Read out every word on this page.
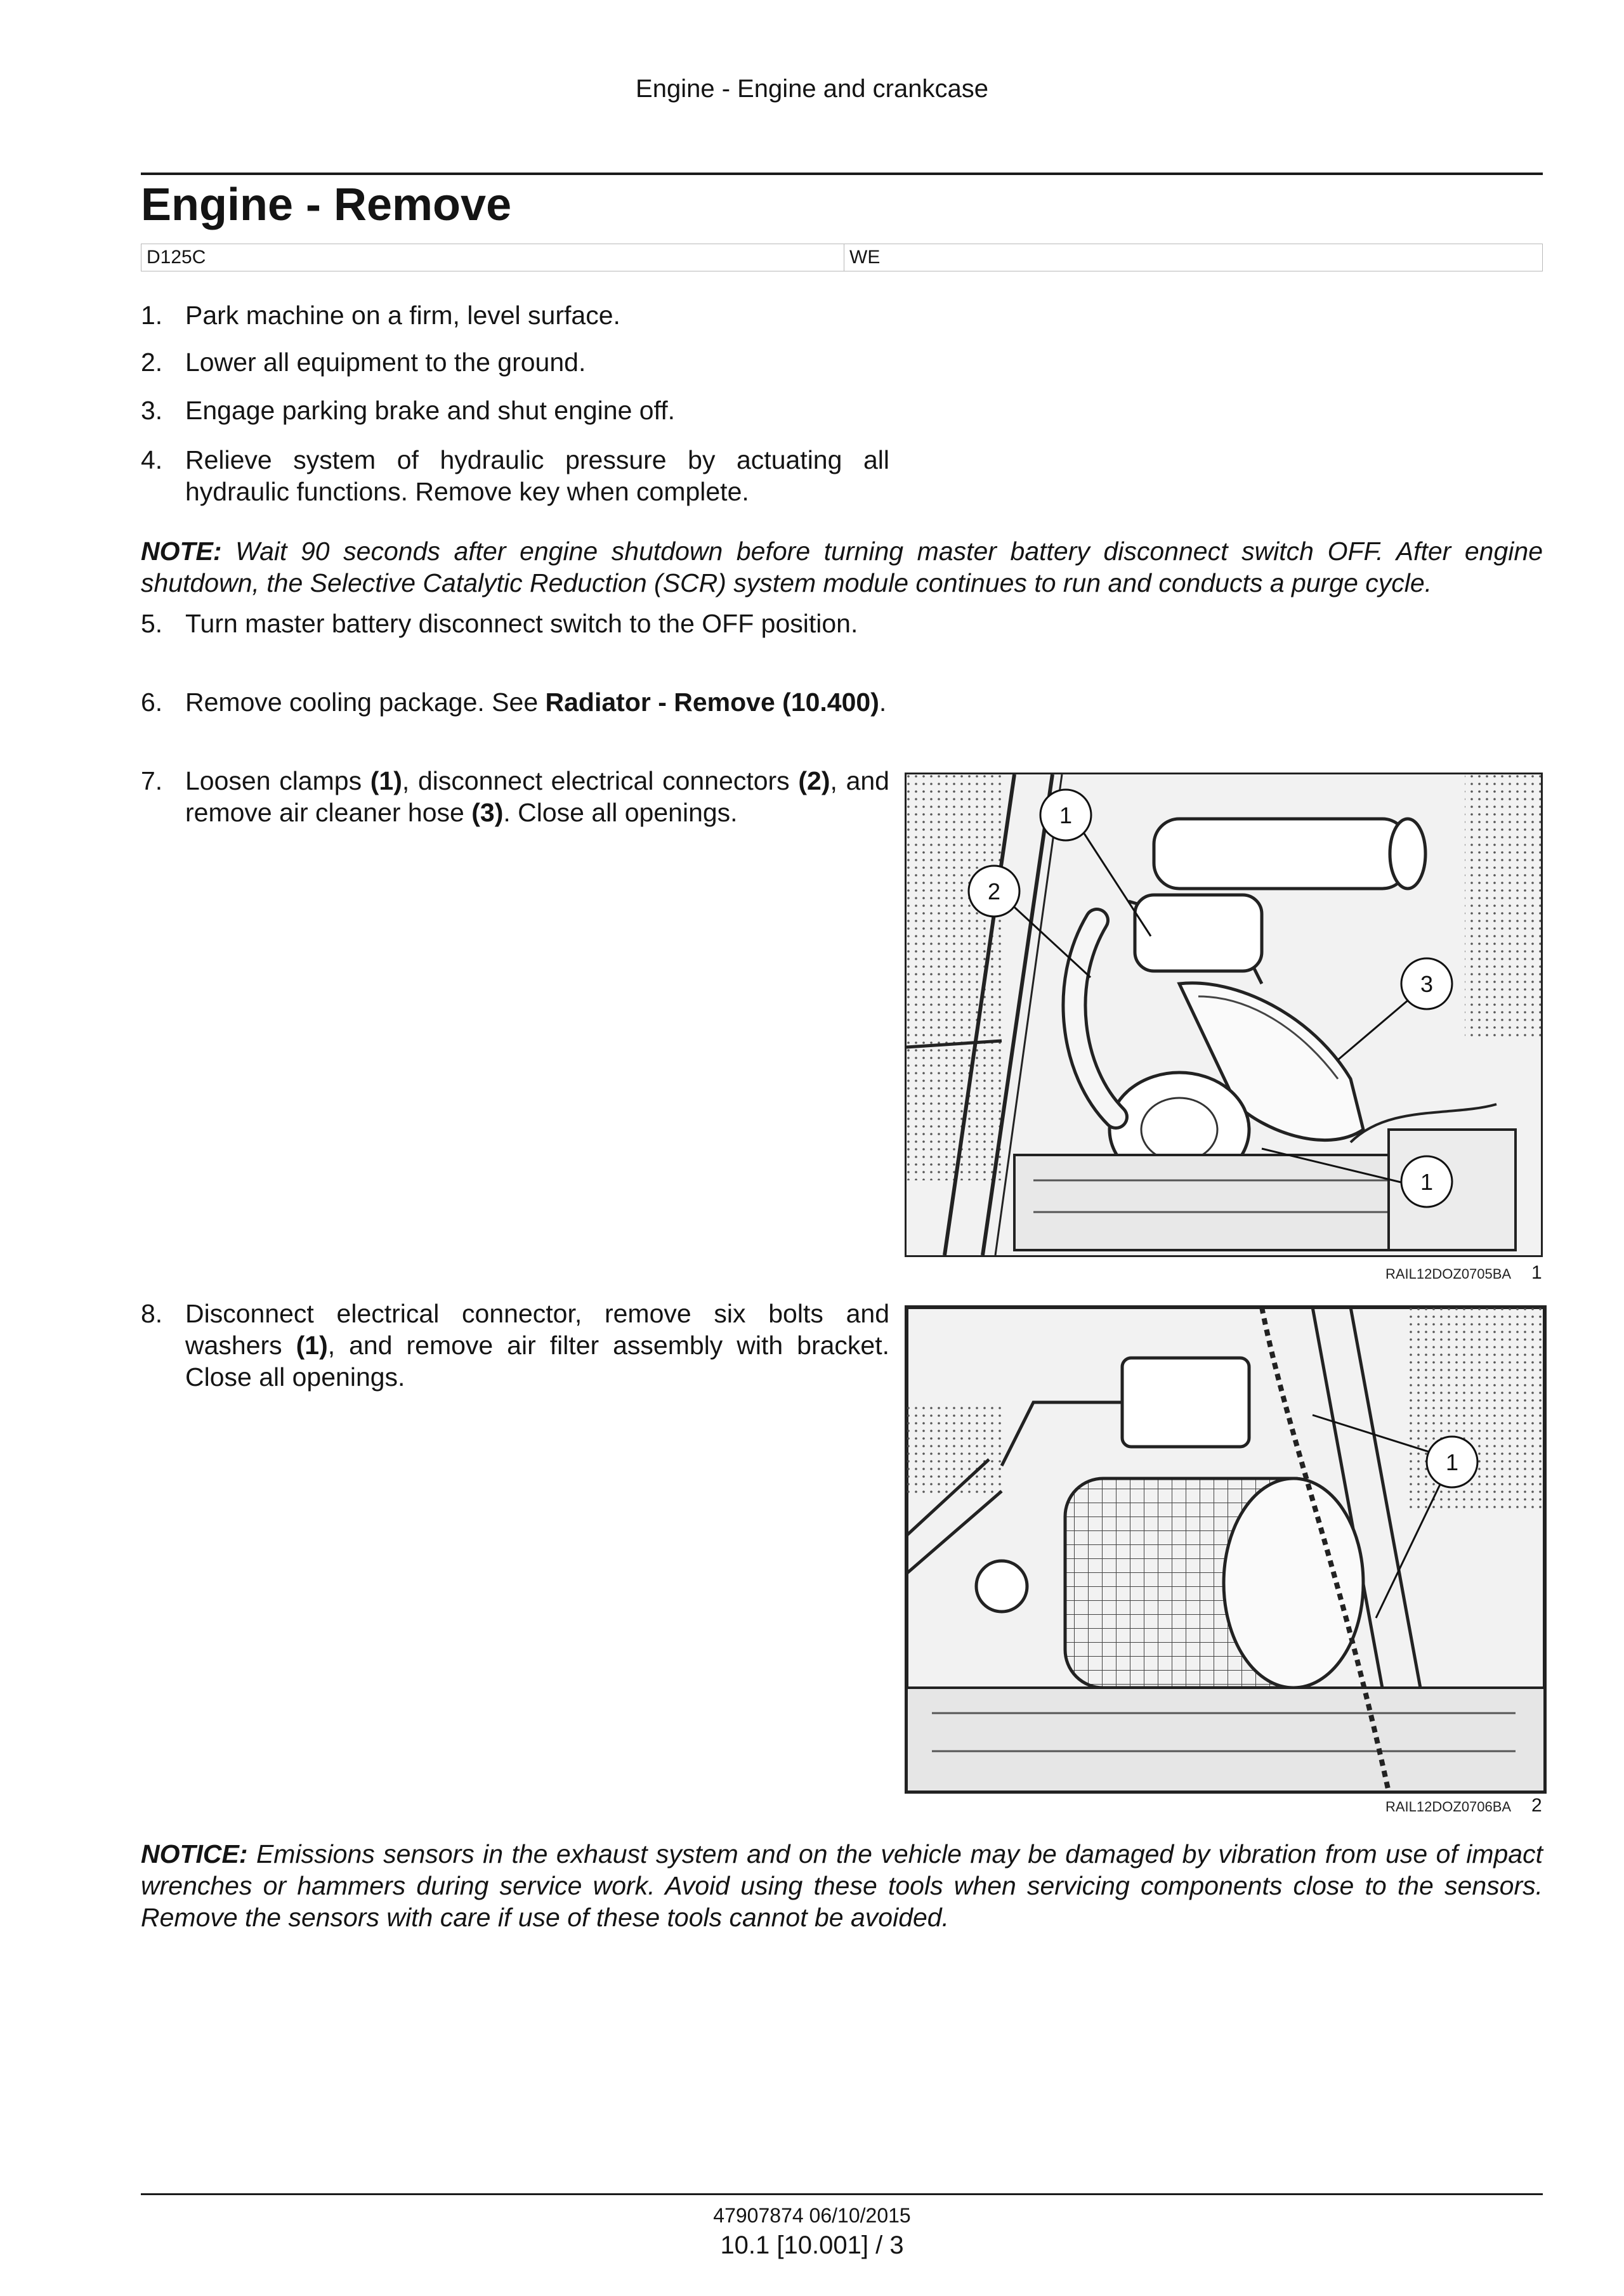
Engine - Engine and crankcase
Engine - Remove
D125C	WE
1. Park machine on a firm, level surface.
2. Lower all equipment to the ground.
3. Engage parking brake and shut engine off.
4. Relieve system of hydraulic pressure by actuating all hydraulic functions. Remove key when complete.
NOTE: Wait 90 seconds after engine shutdown before turning master battery disconnect switch OFF. After engine shutdown, the Selective Catalytic Reduction (SCR) system module continues to run and conducts a purge cycle.
5. Turn master battery disconnect switch to the OFF position.
6. Remove cooling package. See Radiator - Remove (10.400).
7. Loosen clamps (1), disconnect electrical connectors (2), and remove air cleaner hose (3). Close all openings.	1
2
3
1
RAIL12DOZ0705BA 1
8. Disconnect electrical connector, remove six bolts and washers (1), and remove air filter assembly with bracket. Close all openings.
1
RAIL12DOZ0706BA 2
NOTICE: Emissions sensors in the exhaust system and on the vehicle may be damaged by vibration from use of impact wrenches or hammers during service work. Avoid using these tools when servicing components close to the sensors. Remove the sensors with care if use of these tools cannot be avoided.
47907874 06/10/2015
10.1 [10.001] / 3
